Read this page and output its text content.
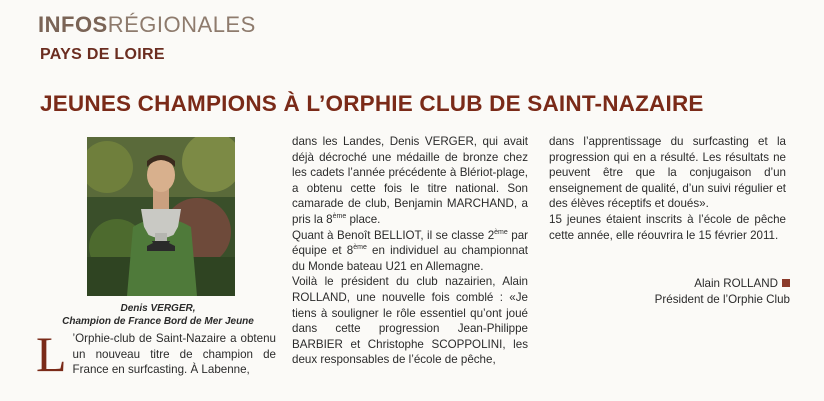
INFOSRÉGIONALES
PAYS DE LOIRE
JEUNES CHAMPIONS À L’ORPHIE CLUB DE SAINT-NAZAIRE
Denis VERGER,
Champion de France Bord de Mer Jeune
L ’Orphie-club de Saint-Nazaire a obtenu un nouveau titre de champion de France en surfcasting. À Labenne,

dans les Landes, Denis VERGER, qui avait déjà décroché une médaille de bronze chez les cadets l’année précédente à Blériot-plage, a obtenu cette fois le titre national. Son camarade de club, Benjamin MARCHAND, a pris la 8ème place.

Quant à Benoît BELLIOT, il se classe 2ème par équipe et 8ème en individuel au championnat du Monde bateau U21 en Allemagne.

Voilà le président du club nazairien, Alain ROLLAND, une nouvelle fois comblé : «Je tiens à souligner le rôle essentiel qu’ont joué dans cette progression Jean-Philippe BARBIER et Christophe SCOPPOLINI, les deux responsables de l’école de pêche,

dans l’apprentissage du surfcasting et la progression qui en a résulté. Les résultats ne peuvent être que la conjugaison d’un enseignement de qualité, d’un suivi régulier et des élèves réceptifs et doués».

15 jeunes étaient inscrits à l’école de pêche cette année, elle réouvrira le 15 février 2011.

Alain ROLLAND
Président de l’Orphie Club
